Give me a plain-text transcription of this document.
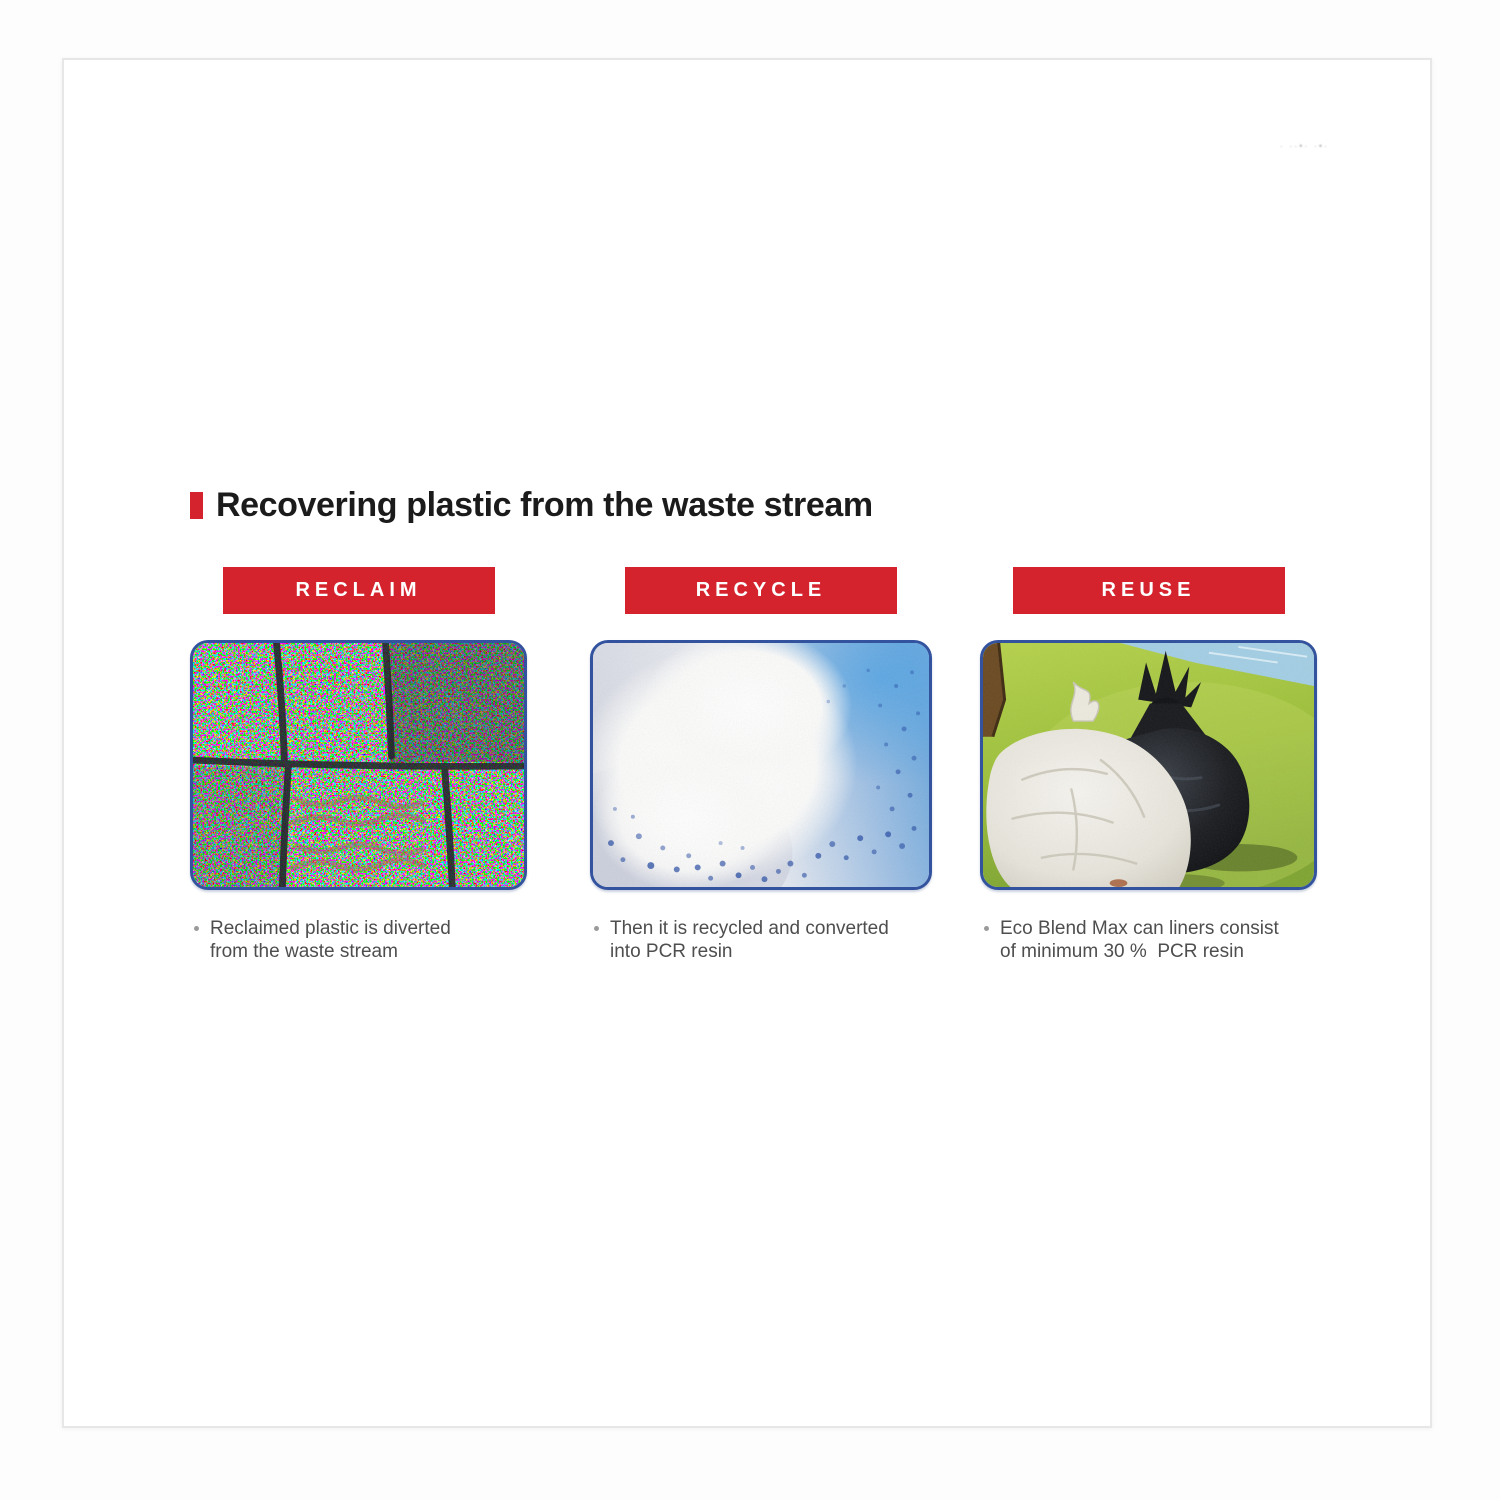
· ··•· ·•·
Recovering plastic from the waste stream
RECLAIM

Reclaimed plastic is diverted from the waste stream

RECYCLE

Then it is recycled and converted into PCR resin

REUSE

Eco Blend Max can liners consist of minimum 30 %  PCR resin
